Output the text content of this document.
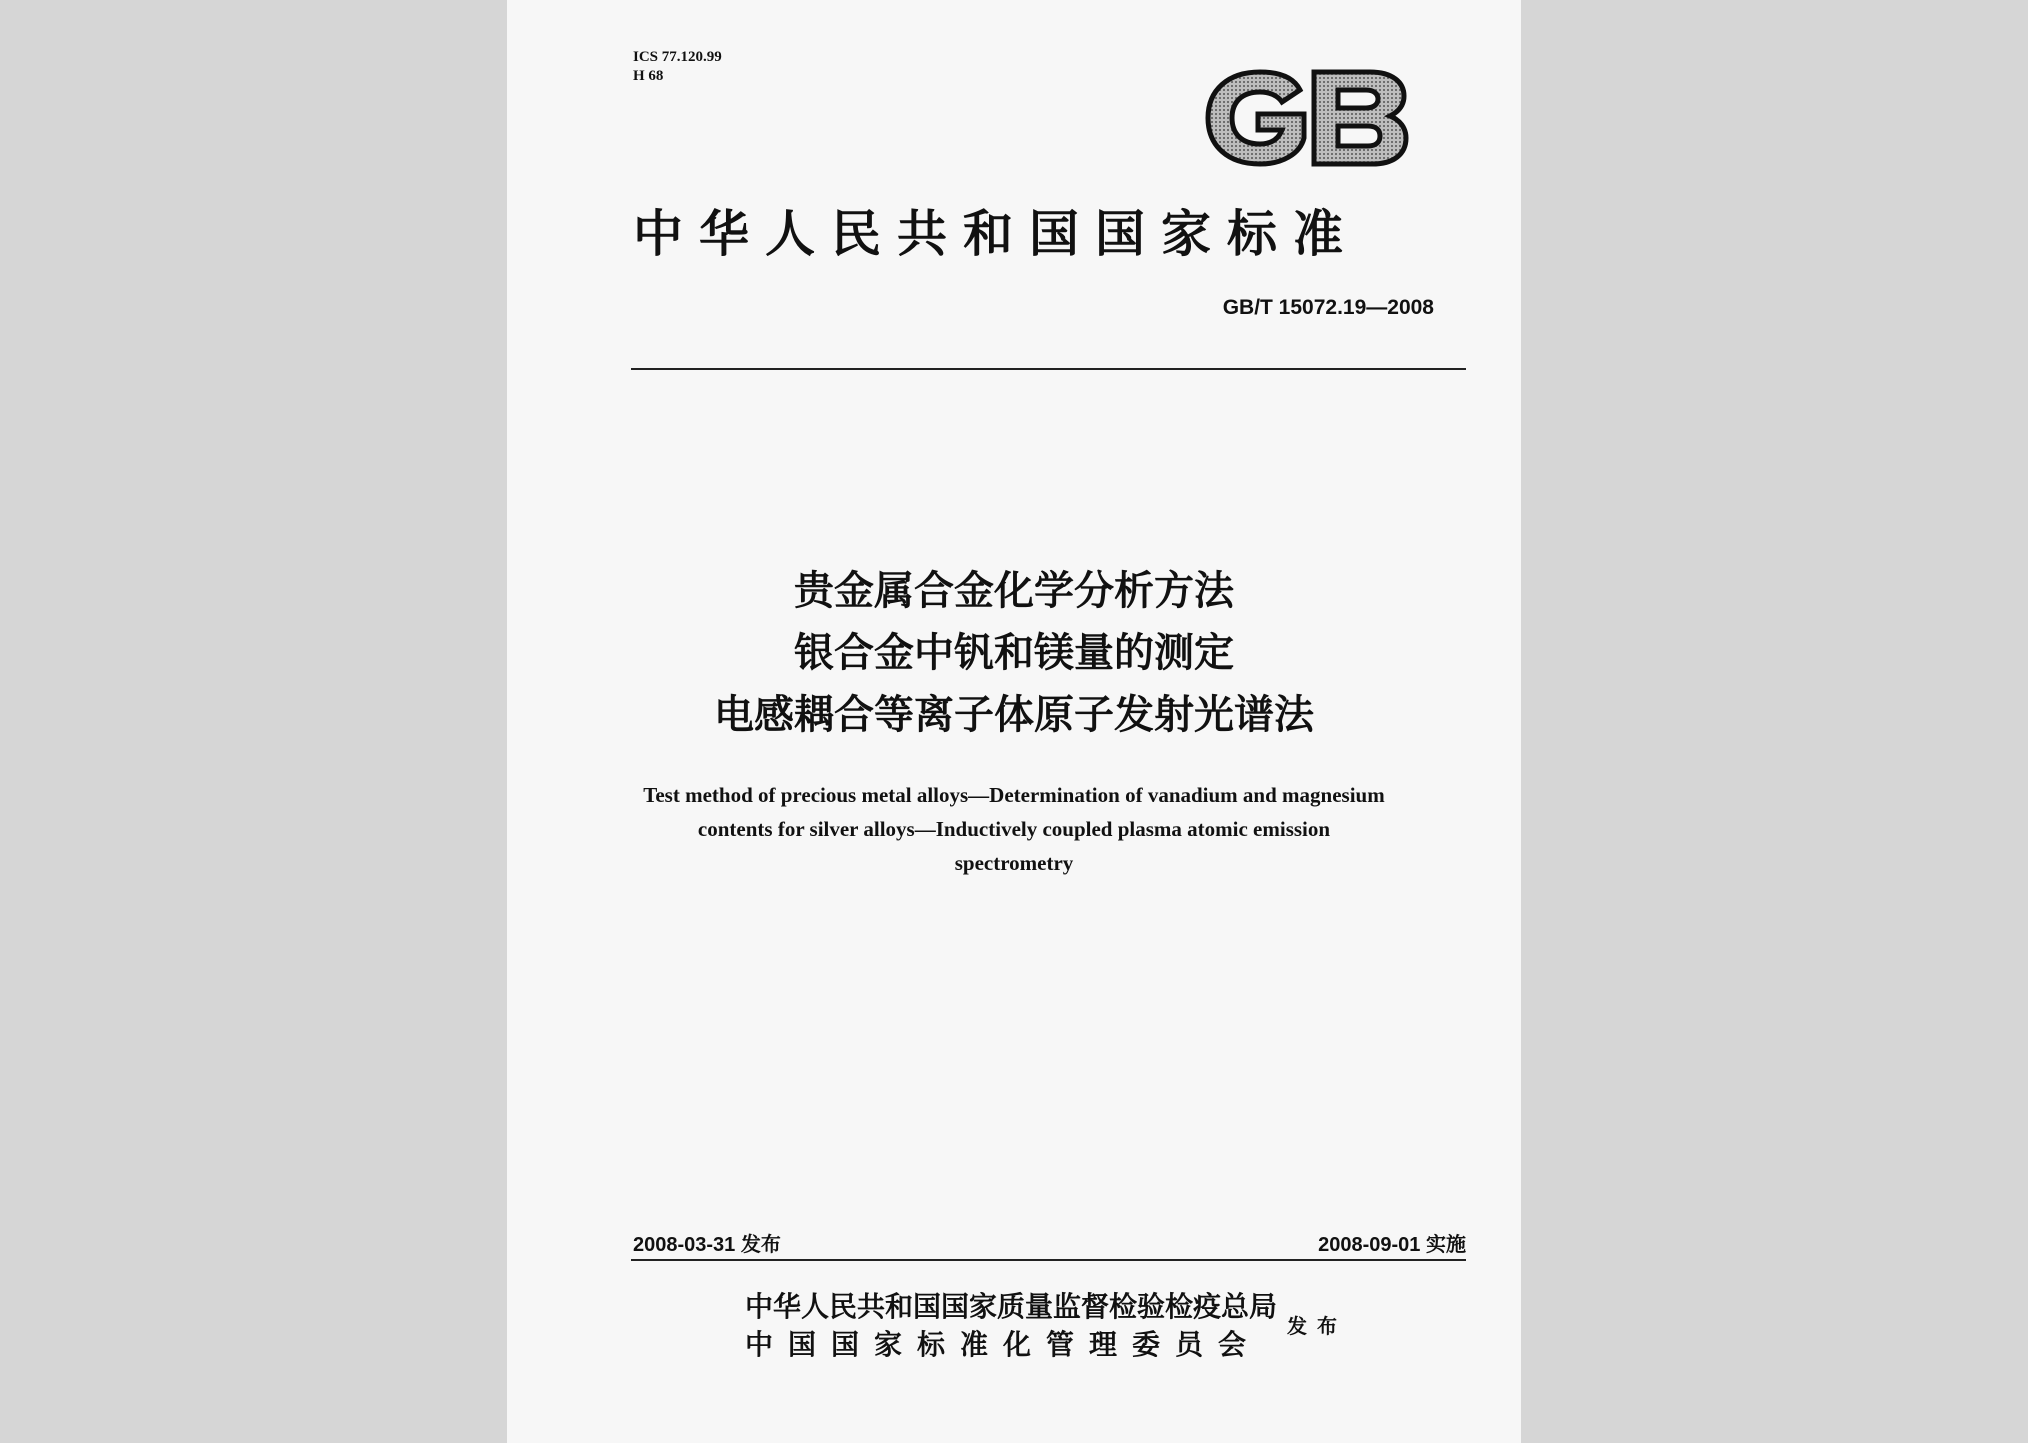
ICS 77.120.99
H 68
中华人民共和国国家标准
GB/T 15072.19—2008
贵金属合金化学分析方法
银合金中钒和镁量的测定
电感耦合等离子体原子发射光谱法
Test method of precious metal alloys—Determination of vanadium and magnesium
contents for silver alloys—Inductively coupled plasma atomic emission
spectrometry
2008-03-31 发布	2008-09-01 实施
中华人民共和国国家质量监督检验检疫总局
中国国家标准化管理委员会
发布
